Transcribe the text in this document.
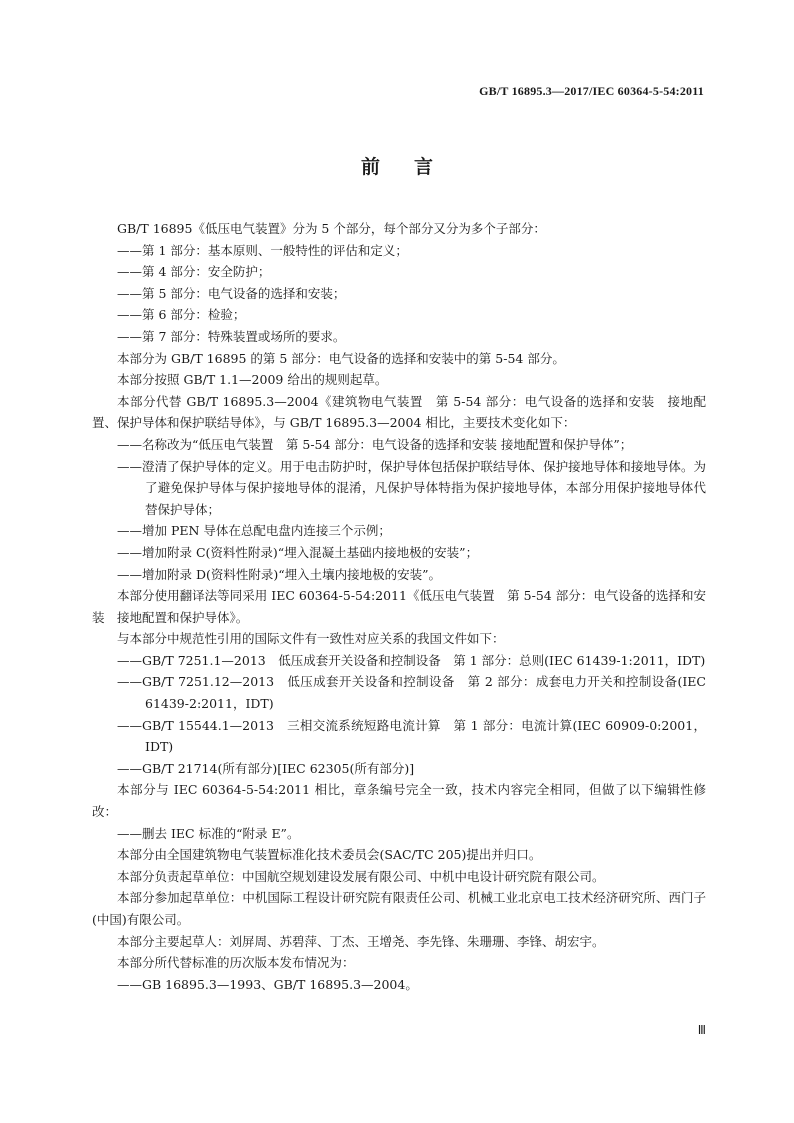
GB/T 16895.3—2017/IEC 60364-5-54:2011
前言

GB/T 16895《低压电气装置》分为 5 个部分，每个部分又分为多个子部分：

——第 1 部分：基本原则、一般特性的评估和定义；

——第 4 部分：安全防护；

——第 5 部分：电气设备的选择和安装；

——第 6 部分：检验；

——第 7 部分：特殊装置或场所的要求。

本部分为 GB/T 16895 的第 5 部分：电气设备的选择和安装中的第 5-54 部分。

本部分按照 GB/T 1.1—2009 给出的规则起草。

本部分代替 GB/T 16895.3—2004《建筑物电气装置　第 5-54 部分：电气设备的选择和安装　接地配置、保护导体和保护联结导体》，与 GB/T 16895.3—2004 相比，主要技术变化如下：

——名称改为“低压电气装置　第 5-54 部分：电气设备的选择和安装 接地配置和保护导体”；

——澄清了保护导体的定义。用于电击防护时，保护导体包括保护联结导体、保护接地导体和接地导体。为了避免保护导体与保护接地导体的混淆，凡保护导体特指为保护接地导体，本部分用保护接地导体代替保护导体；

——增加 PEN 导体在总配电盘内连接三个示例；

——增加附录 C(资料性附录)“埋入混凝土基础内接地极的安装”；

——增加附录 D(资料性附录)“埋入土壤内接地极的安装”。

本部分使用翻译法等同采用 IEC 60364-5-54:2011《低压电气装置　第 5-54 部分：电气设备的选择和安装　接地配置和保护导体》。

与本部分中规范性引用的国际文件有一致性对应关系的我国文件如下：

——GB/T 7251.1—2013　低压成套开关设备和控制设备　第 1 部分：总则(IEC 61439-1:2011，IDT)

——GB/T 7251.12—2013　低压成套开关设备和控制设备　第 2 部分：成套电力开关和控制设备(IEC 61439-2:2011，IDT)

——GB/T 15544.1—2013　三相交流系统短路电流计算　第 1 部分：电流计算(IEC 60909-0:2001，IDT)

——GB/T 21714(所有部分)[IEC 62305(所有部分)]

本部分与 IEC 60364-5-54:2011 相比，章条编号完全一致，技术内容完全相同，但做了以下编辑性修改：

——删去 IEC 标准的“附录 E”。

本部分由全国建筑物电气装置标准化技术委员会(SAC/TC 205)提出并归口。

本部分负责起草单位：中国航空规划建设发展有限公司、中机中电设计研究院有限公司。

本部分参加起草单位：中机国际工程设计研究院有限责任公司、机械工业北京电工技术经济研究所、西门子(中国)有限公司。

本部分主要起草人：刘屏周、苏碧萍、丁杰、王增尧、李先锋、朱珊珊、李锋、胡宏宇。

本部分所代替标准的历次版本发布情况为：

——GB 16895.3—1993、GB/T 16895.3—2004。

Ⅲ
